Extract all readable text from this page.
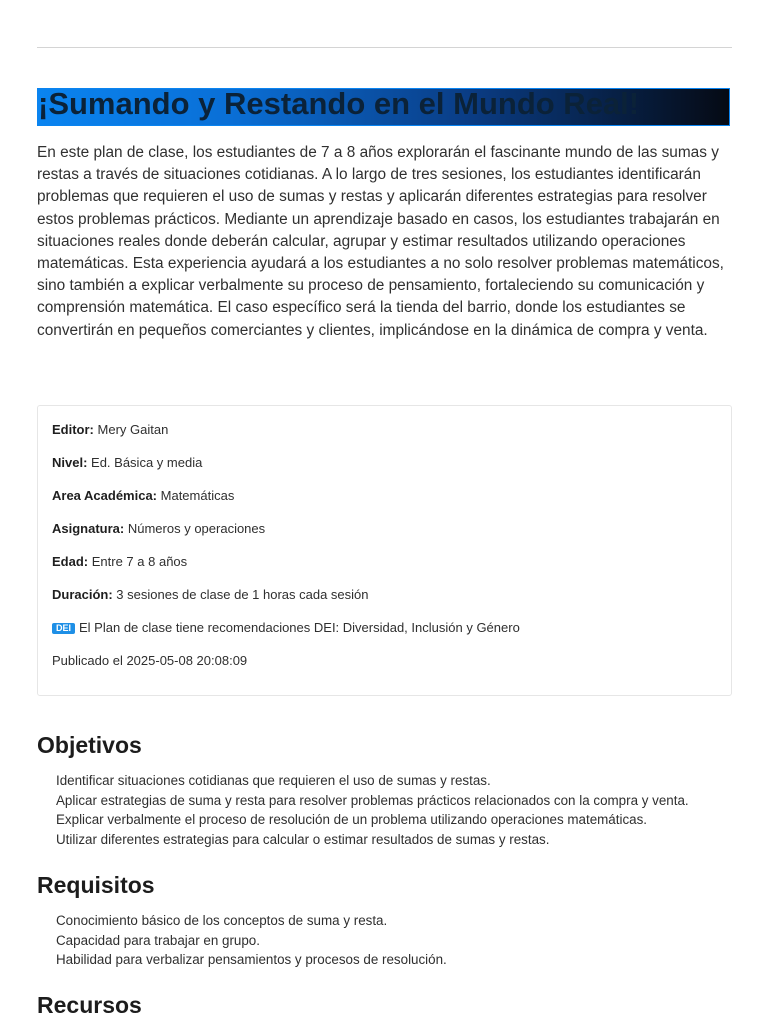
¡Sumando y Restando en el Mundo Real!

En este plan de clase, los estudiantes de 7 a 8 años explorarán el fascinante mundo de las sumas y restas a través de situaciones cotidianas. A lo largo de tres sesiones, los estudiantes identificarán problemas que requieren el uso de sumas y restas y aplicarán diferentes estrategias para resolver estos problemas prácticos. Mediante un aprendizaje basado en casos, los estudiantes trabajarán en situaciones reales donde deberán calcular, agrupar y estimar resultados utilizando operaciones matemáticas. Esta experiencia ayudará a los estudiantes a no solo resolver problemas matemáticos, sino también a explicar verbalmente su proceso de pensamiento, fortaleciendo su comunicación y comprensión matemática. El caso específico será la tienda del barrio, donde los estudiantes se convertirán en pequeños comerciantes y clientes, implicándose en la dinámica de compra y venta.

Editor: Mery Gaitan
Nivel: Ed. Básica y media
Area Académica: Matemáticas
Asignatura: Números y operaciones
Edad: Entre 7 a 8 años
Duración: 3 sesiones de clase de 1 horas cada sesión
DEI El Plan de clase tiene recomendaciones DEI: Diversidad, Inclusión y Género
Publicado el 2025-05-08 20:08:09
Objetivos
Identificar situaciones cotidianas que requieren el uso de sumas y restas.
Aplicar estrategias de suma y resta para resolver problemas prácticos relacionados con la compra y venta.
Explicar verbalmente el proceso de resolución de un problema utilizando operaciones matemáticas.
Utilizar diferentes estrategias para calcular o estimar resultados de sumas y restas.
Requisitos
Conocimiento básico de los conceptos de suma y resta.
Capacidad para trabajar en grupo.
Habilidad para verbalizar pensamientos y procesos de resolución.
Recursos
